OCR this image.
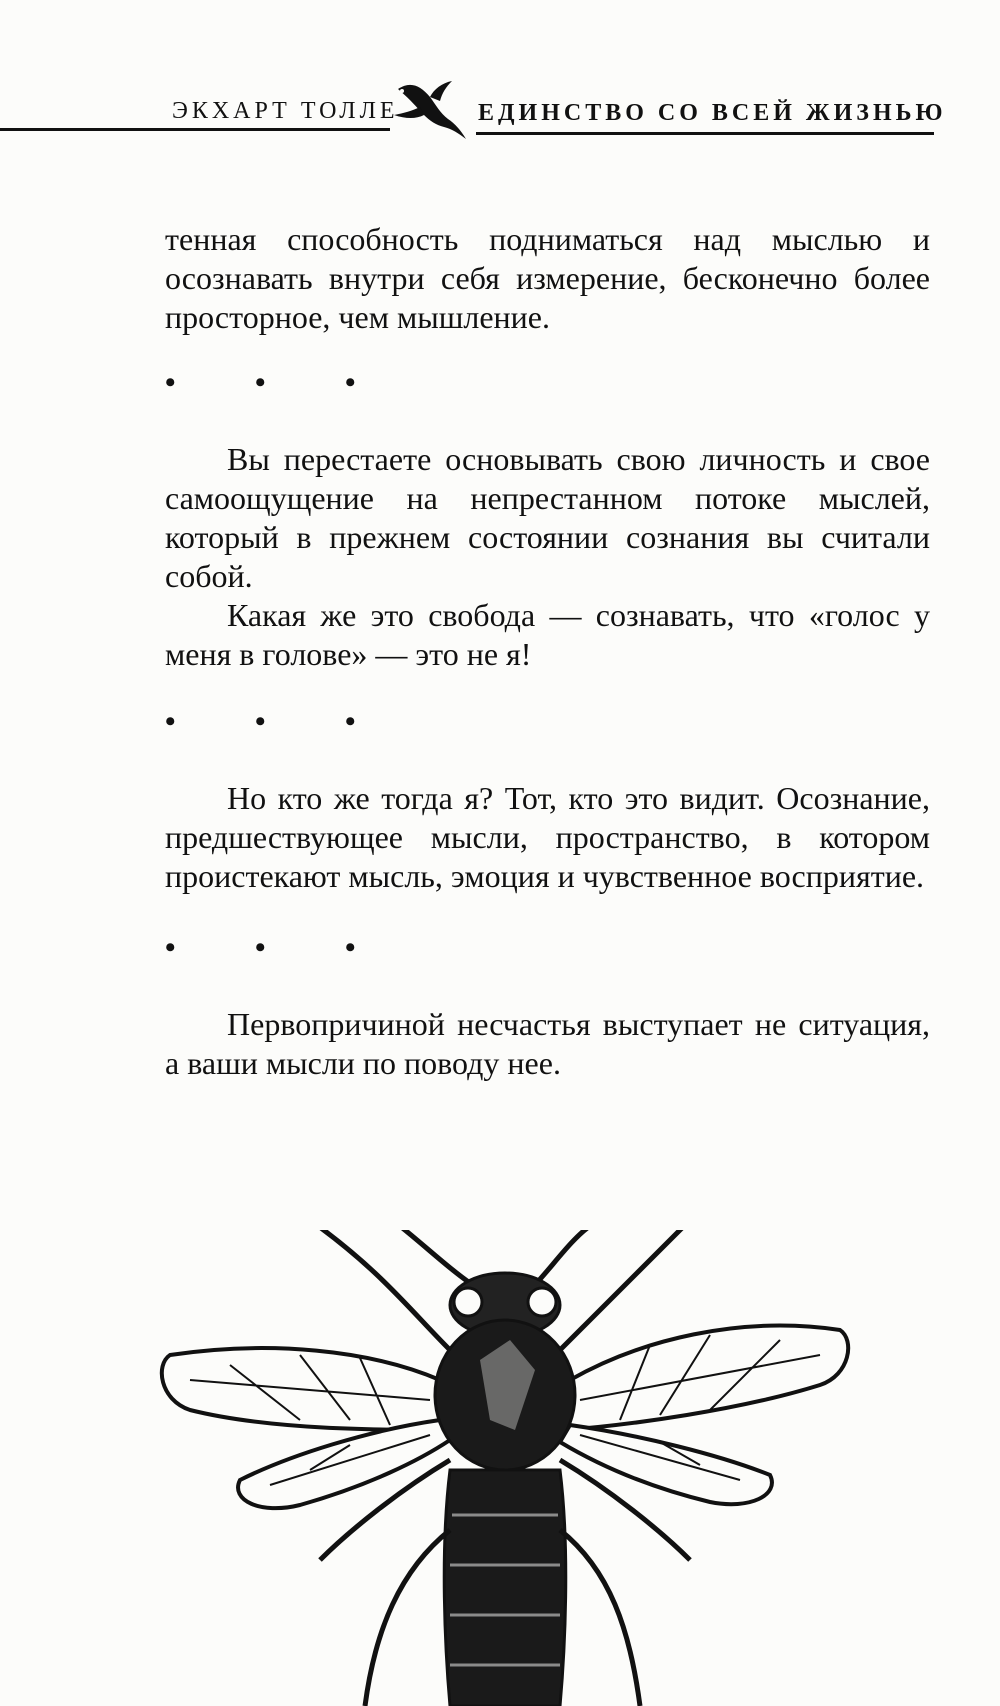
ЭКХАРТ ТОЛЛЕ	ЕДИНСТВО СО ВСЕЙ ЖИЗНЬЮ

тенная способность подниматься над мыслью и осознавать внутри себя измерение, бесконечно более просторное, чем мышление.

• • •

Вы перестаете основывать свою личность и свое самоощущение на непрестанном потоке мыслей, который в прежнем состоянии сознания вы считали собой.

Какая же это свобода — сознавать, что «голос у меня в голове» — это не я!

• • •

Но кто же тогда я? Тот, кто это видит. Осознание, предшествующее мысли, пространство, в котором проистекают мысль, эмоция и чувственное восприятие.

• • •

Первопричиной несчастья выступает не ситуация, а ваши мысли по поводу нее.
